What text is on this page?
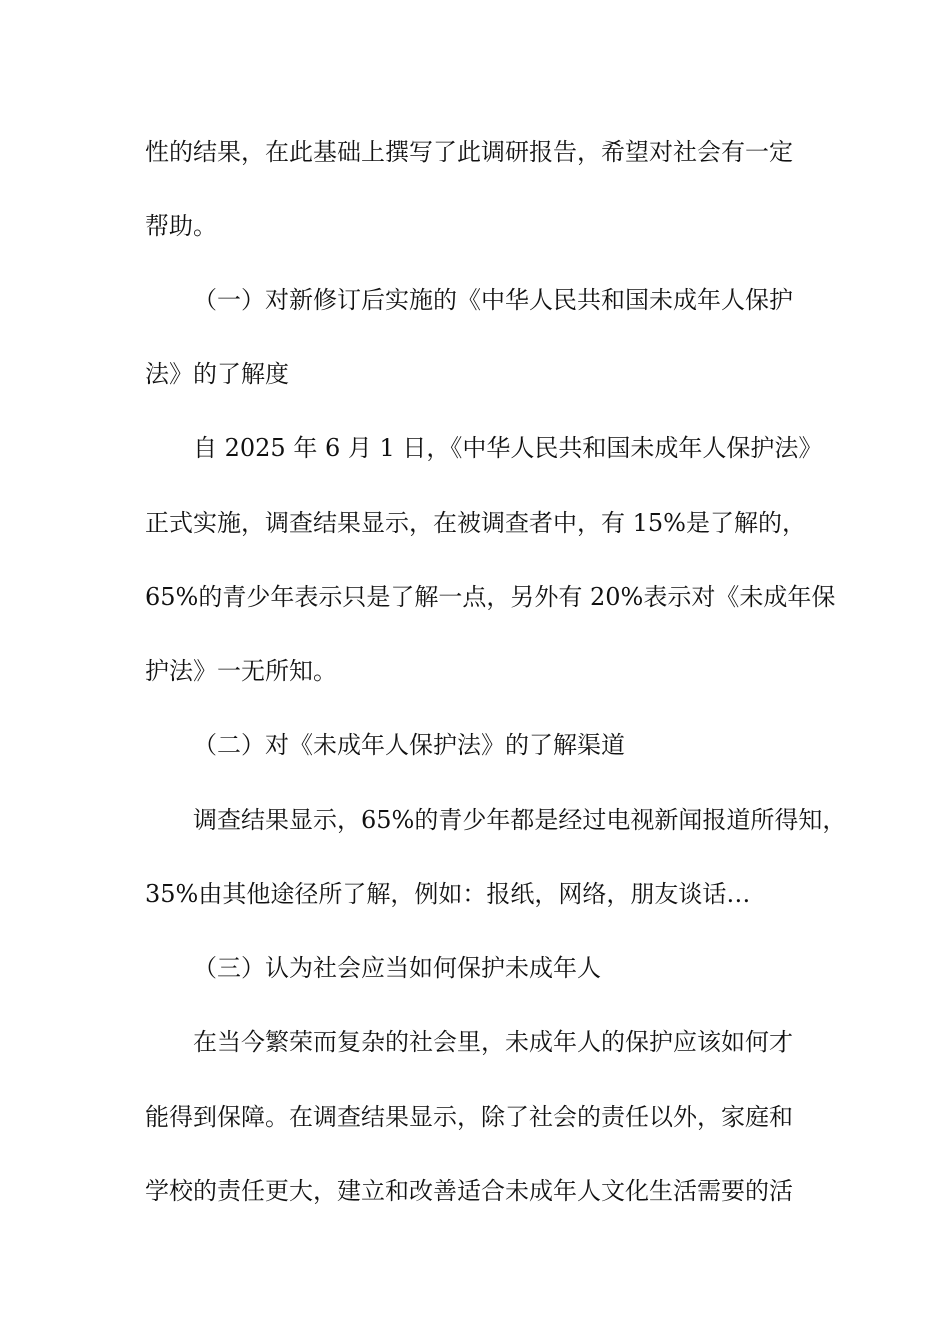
性的结果，在此基础上撰写了此调研报告，希望对社会有一定

帮助。

（一）对新修订后实施的《中华人民共和国未成年人保护

法》的了解度

自 2025 年 6 月 1 日，《中华人民共和国未成年人保护法》

正式实施，调查结果显示，在被调查者中，有 15%是了解的，

65%的青少年表示只是了解一点，另外有 20%表示对《未成年保

护法》一无所知。

（二）对《未成年人保护法》的了解渠道

调查结果显示，65%的青少年都是经过电视新闻报道所得知，

35%由其他途径所了解，例如：报纸，网络，朋友谈话…

（三）认为社会应当如何保护未成年人

在当今繁荣而复杂的社会里，未成年人的保护应该如何才

能得到保障。在调查结果显示，除了社会的责任以外，家庭和

学校的责任更大，建立和改善适合未成年人文化生活需要的活
